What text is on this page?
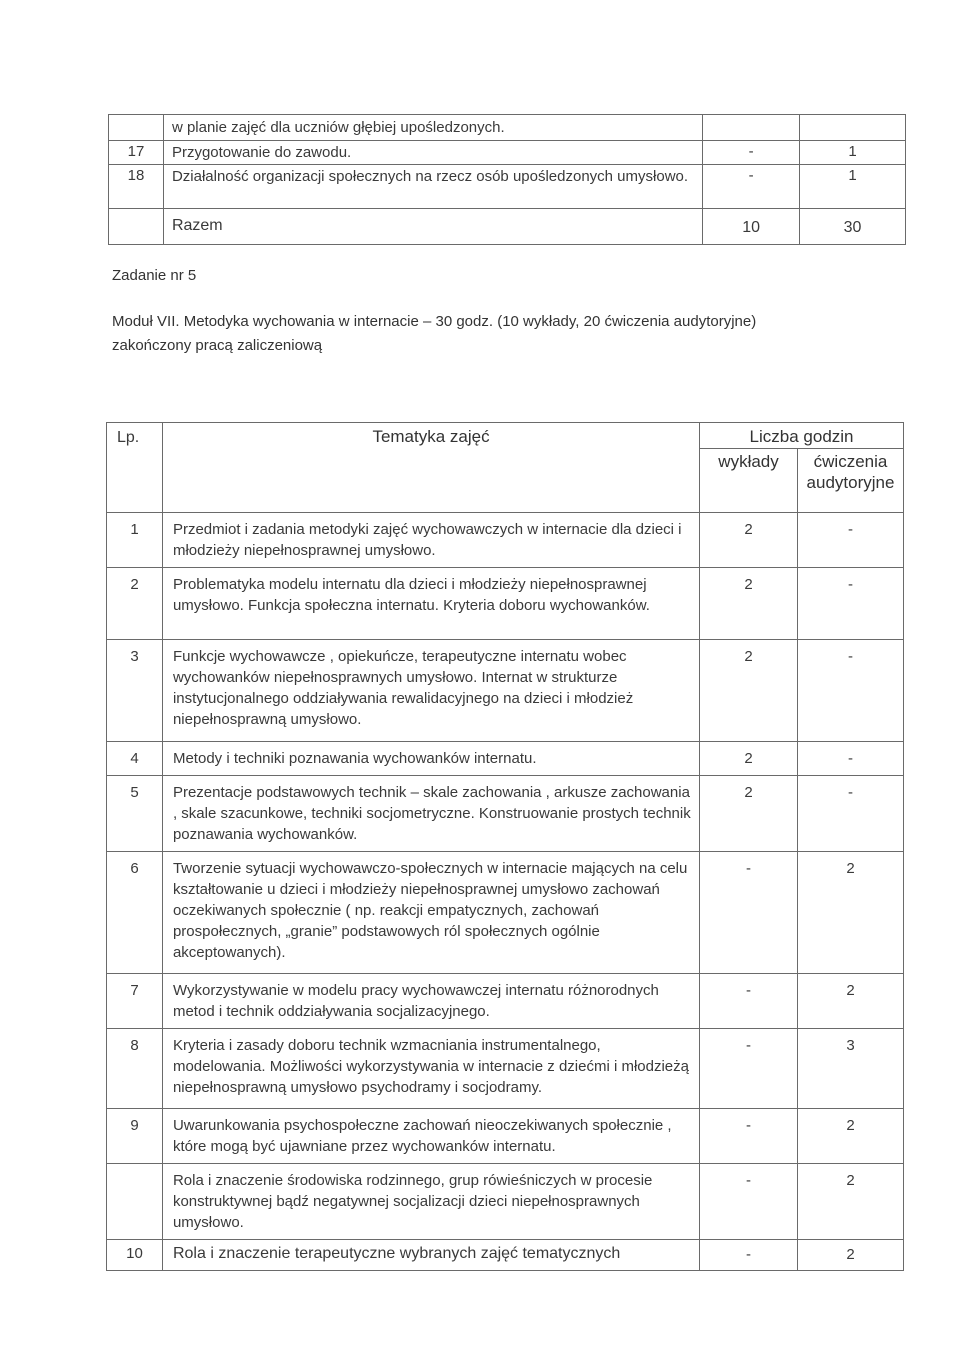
	w planie zajęć dla uczniów głębiej upośledzonych.		
17	Przygotowanie do zawodu.	-	1
18	Działalność organizacji społecznych na rzecz osób upośledzonych umysłowo.	-	1
	Razem	10	30
Zadanie nr 5
Moduł VII. Metodyka wychowania w internacie – 30 godz. (10 wykłady, 20 ćwiczenia audytoryjne)
zakończony pracą zaliczeniową
Lp.	Tematyka zajęć	Liczba godzin	
		wykłady	ćwiczenia audytoryjne
1	Przedmiot i zadania metodyki zajęć wychowawczych w internacie dla dzieci i młodzieży niepełnosprawnej umysłowo.	2	-
2	Problematyka modelu internatu dla dzieci i młodzieży niepełnosprawnej umysłowo. Funkcja społeczna internatu. Kryteria doboru wychowanków.	2	-
3	Funkcje wychowawcze , opiekuńcze, terapeutyczne internatu wobec wychowanków niepełnosprawnych umysłowo. Internat w strukturze instytucjonalnego oddziaływania rewalidacyjnego na dzieci i młodzież niepełnosprawną umysłowo.	2	-
4	Metody i techniki poznawania wychowanków internatu.	2	-
5	Prezentacje podstawowych technik – skale zachowania , arkusze zachowania , skale szacunkowe, techniki socjometryczne. Konstruowanie prostych technik poznawania wychowanków.	2	-
6	Tworzenie sytuacji wychowawczo-społecznych w internacie mających na celu kształtowanie u dzieci i młodzieży niepełnosprawnej umysłowo zachowań oczekiwanych społecznie ( np. reakcji empatycznych, zachowań prospołecznych, „granie” podstawowych ról społecznych ogólnie akceptowanych).	-	2
7	Wykorzystywanie w modelu pracy wychowawczej internatu różnorodnych metod i technik oddziaływania socjalizacyjnego.	-	2
8	Kryteria i zasady doboru technik wzmacniania instrumentalnego, modelowania. Możliwości wykorzystywania w internacie z dziećmi i młodzieżą niepełnosprawną umysłowo psychodramy i socjodramy.	-	3
9	Uwarunkowania psychospołeczne zachowań nieoczekiwanych społecznie , które mogą być ujawniane przez wychowanków internatu.	-	2
	Rola i znaczenie środowiska rodzinnego, grup rówieśniczych w procesie konstruktywnej bądź negatywnej socjalizacji dzieci niepełnosprawnych umysłowo.	-	2
10	Rola i znaczenie terapeutyczne wybranych zajęć tematycznych	-	2
